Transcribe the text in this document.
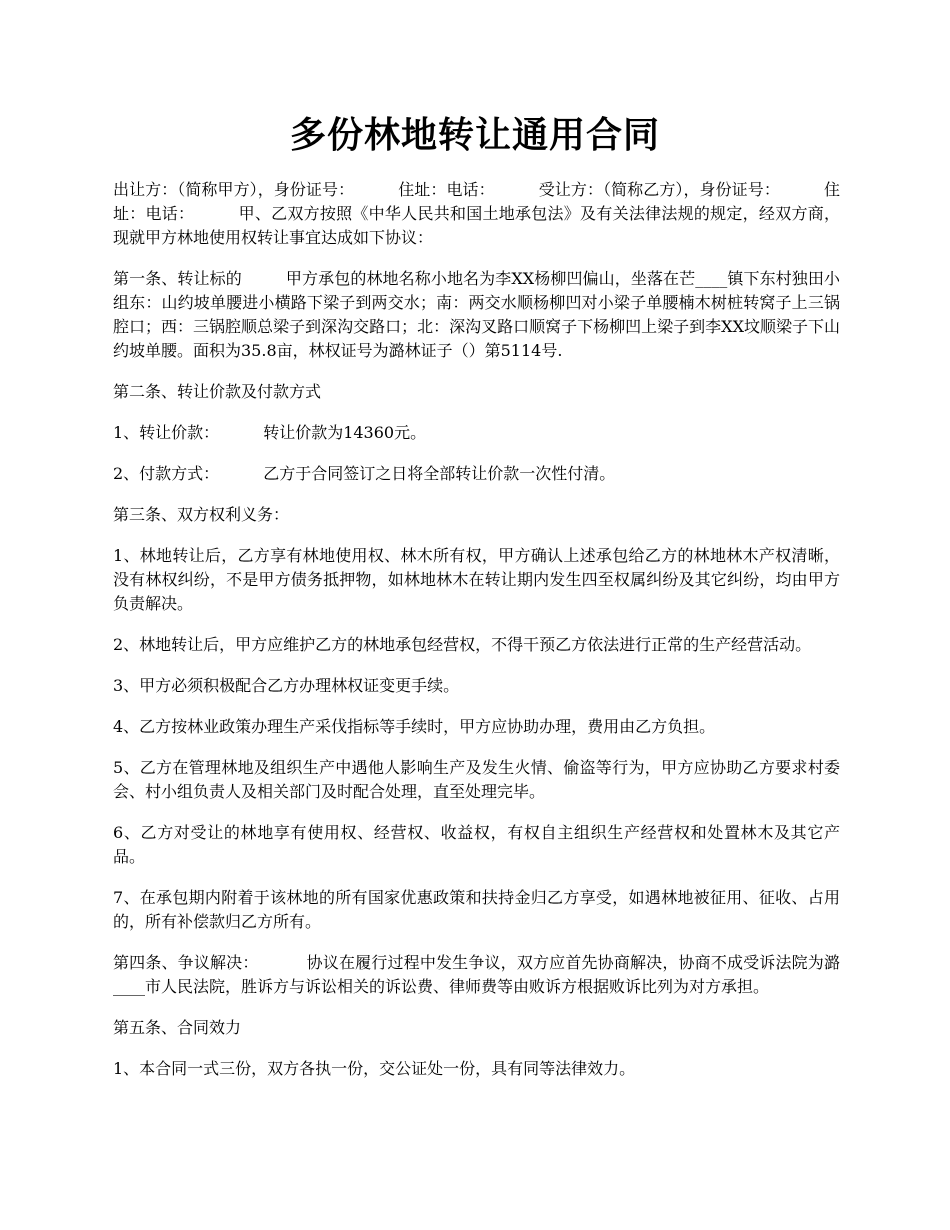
多份林地转让通用合同

出让方：（简称甲方），身份证号：	住址：电话：	受让方：（简称乙方），身份证号：	住址：电话：	甲、乙双方按照《中华人民共和国土地承包法》及有关法律法规的规定，经双方商，现就甲方林地使用权转让事宜达成如下协议：

第一条、转让标的	甲方承包的林地名称小地名为李XX杨柳凹偏山，坐落在芒____镇下东村独田小组东：山约坡单腰进小横路下梁子到两交水；南：两交水顺杨柳凹对小梁子单腰楠木树桩转窝子上三锅腔口；西：三锅腔顺总梁子到深沟交路口；北：深沟叉路口顺窝子下杨柳凹上梁子到李XX坟顺梁子下山约坡单腰。面积为35.8亩，林权证号为潞林证子（）第5114号.

第二条、转让价款及付款方式

1、转让价款：	转让价款为14360元。

2、付款方式：	乙方于合同签订之日将全部转让价款一次性付清。

第三条、双方权利义务：

1、林地转让后，乙方享有林地使用权、林木所有权，甲方确认上述承包给乙方的林地林木产权清晰，没有林权纠纷，不是甲方债务抵押物，如林地林木在转让期内发生四至权属纠纷及其它纠纷，均由甲方负责解决。

2、林地转让后，甲方应维护乙方的林地承包经营权，不得干预乙方依法进行正常的生产经营活动。

3、甲方必须积极配合乙方办理林权证变更手续。

4、乙方按林业政策办理生产采伐指标等手续时，甲方应协助办理，费用由乙方负担。

5、乙方在管理林地及组织生产中遇他人影响生产及发生火情、偷盗等行为，甲方应协助乙方要求村委会、村小组负责人及相关部门及时配合处理，直至处理完毕。

6、乙方对受让的林地享有使用权、经营权、收益权，有权自主组织生产经营权和处置林木及其它产品。

7、在承包期内附着于该林地的所有国家优惠政策和扶持金归乙方享受，如遇林地被征用、征收、占用的，所有补偿款归乙方所有。

第四条、争议解决：	协议在履行过程中发生争议，双方应首先协商解决，协商不成受诉法院为潞____市人民法院，胜诉方与诉讼相关的诉讼费、律师费等由败诉方根据败诉比列为对方承担。

第五条、合同效力

1、本合同一式三份，双方各执一份，交公证处一份，具有同等法律效力。
